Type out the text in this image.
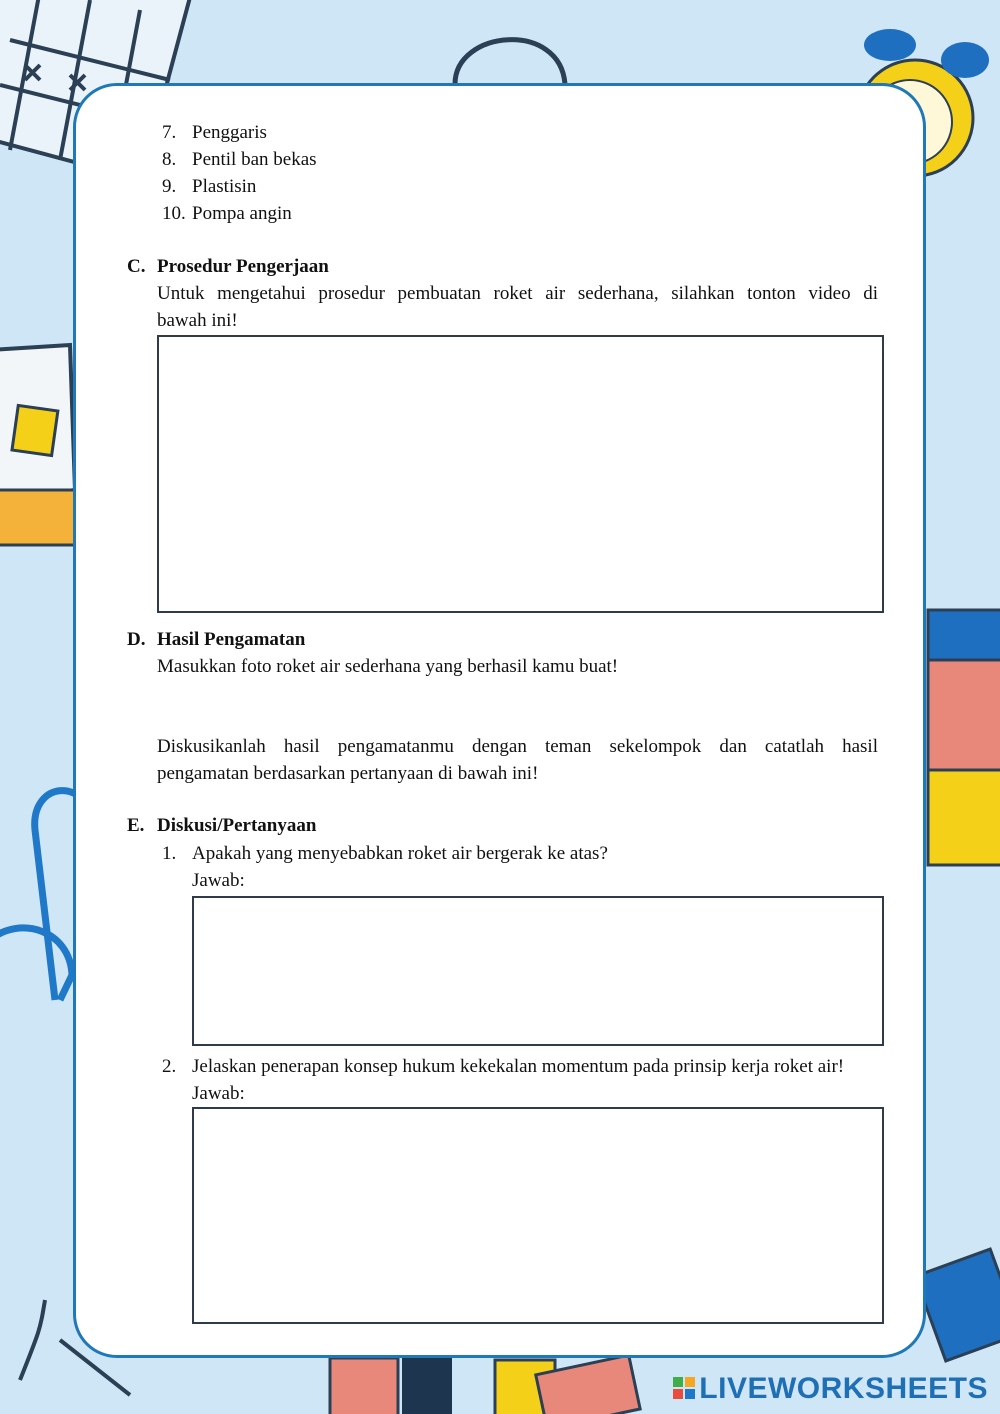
7. Penggaris
8. Pentil ban bekas
9. Plastisin
10. Pompa angin
C. Prosedur Pengerjaan
Untuk mengetahui prosedur pembuatan roket air sederhana, silahkan tonton video di
bawah ini!
D. Hasil Pengamatan
Masukkan foto roket air sederhana yang berhasil kamu buat!
Diskusikanlah hasil pengamatanmu dengan teman sekelompok dan catatlah hasil
pengamatan berdasarkan pertanyaan di bawah ini!
E. Diskusi/Pertanyaan
1. Apakah yang menyebabkan roket air bergerak ke atas?
Jawab:
2. Jelaskan penerapan konsep hukum kekekalan momentum pada prinsip kerja roket air!
Jawab:
LIVEWORKSHEETS
